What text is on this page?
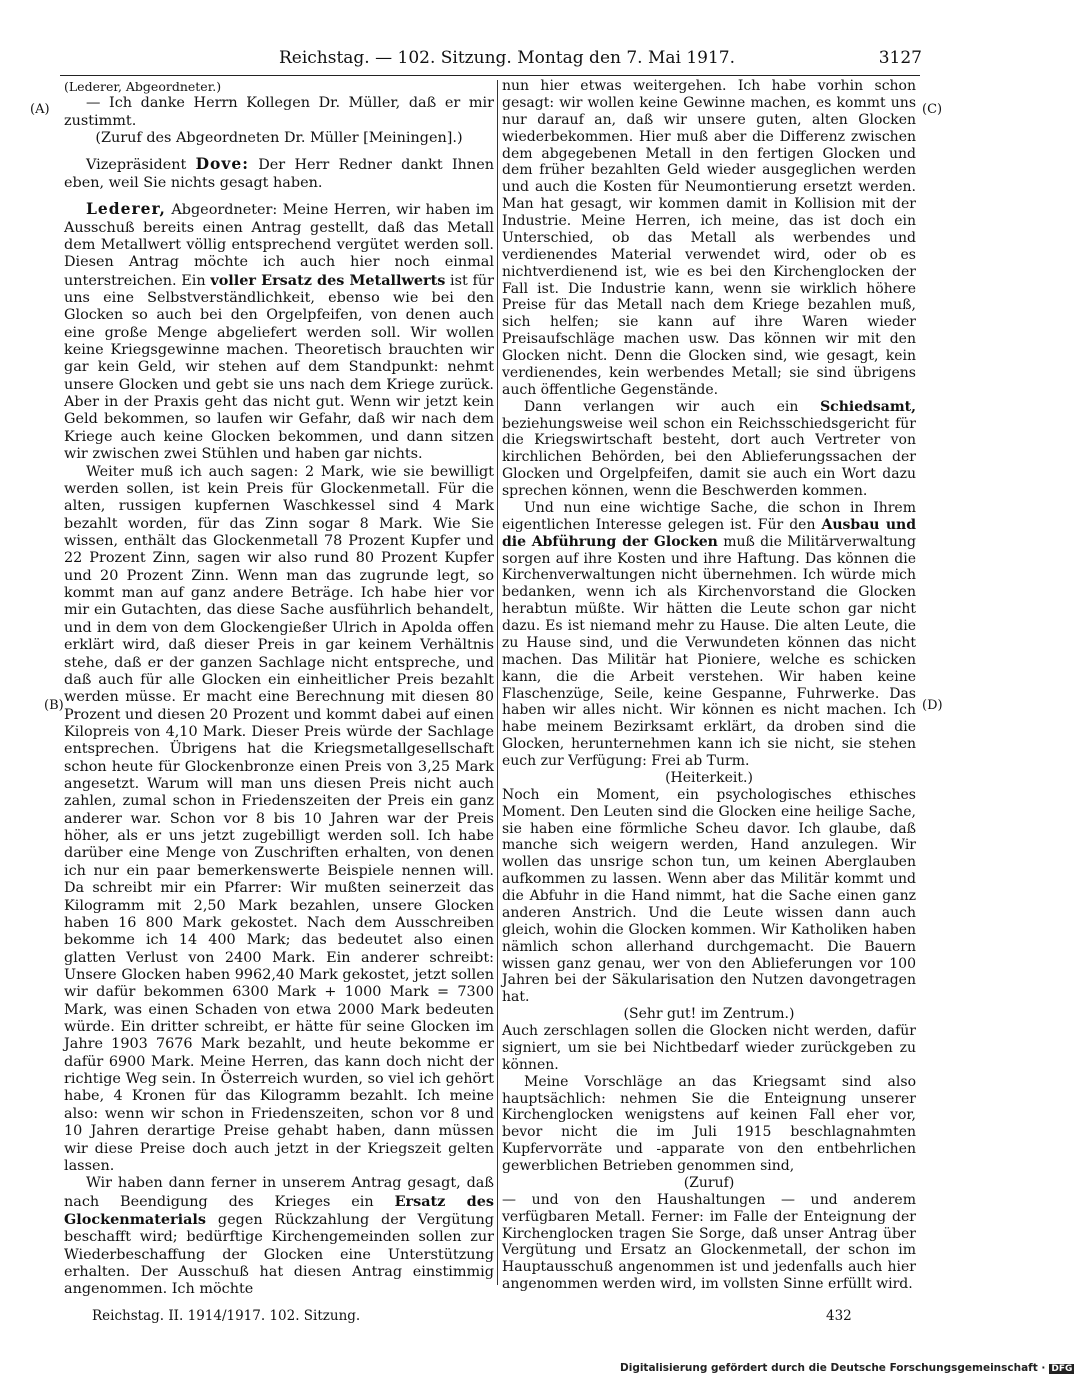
Reichstag. — 102. Sitzung. Montag den 7. Mai 1917.	3127
(A)
(B)
(C)
(D)

(Lederer, Abgeordneter.)

— Ich danke Herrn Kollegen Dr. Müller, daß er mir zustimmt.

(Zuruf des Abgeordneten Dr. Müller [Meiningen].)

Vizepräsident Dove: Der Herr Redner dankt Ihnen eben, weil Sie nichts gesagt haben.

Lederer, Abgeordneter: Meine Herren, wir haben im Ausschuß bereits einen Antrag gestellt, daß das Metall dem Metallwert völlig entsprechend vergütet werden soll. Diesen Antrag möchte ich auch hier noch einmal unterstreichen. Ein voller Ersatz des Metallwerts ist für uns eine Selbstverständlichkeit, ebenso wie bei den Glocken so auch bei den Orgelpfeifen, von denen auch eine große Menge abgeliefert werden soll. Wir wollen keine Kriegsgewinne machen. Theoretisch brauchten wir gar kein Geld, wir stehen auf dem Standpunkt: nehmt unsere Glocken und gebt sie uns nach dem Kriege zurück. Aber in der Praxis geht das nicht gut. Wenn wir jetzt kein Geld bekommen, so laufen wir Gefahr, daß wir nach dem Kriege auch keine Glocken bekommen, und dann sitzen wir zwischen zwei Stühlen und haben gar nichts.

Weiter muß ich auch sagen: 2 Mark, wie sie bewilligt werden sollen, ist kein Preis für Glockenmetall. Für die alten, russigen kupfernen Waschkessel sind 4 Mark bezahlt worden, für das Zinn sogar 8 Mark. Wie Sie wissen, enthält das Glockenmetall 78 Prozent Kupfer und 22 Prozent Zinn, sagen wir also rund 80 Prozent Kupfer und 20 Prozent Zinn. Wenn man das zugrunde legt, so kommt man auf ganz andere Beträge. Ich habe hier vor mir ein Gutachten, das diese Sache ausführlich behandelt, und in dem von dem Glockengießer Ulrich in Apolda offen erklärt wird, daß dieser Preis in gar keinem Verhältnis stehe, daß er der ganzen Sachlage nicht entspreche, und daß auch für alle Glocken ein einheitlicher Preis bezahlt werden müsse. Er macht eine Berechnung mit diesen 80 Prozent und diesen 20 Prozent und kommt dabei auf einen Kilopreis von 4,10 Mark. Dieser Preis würde der Sachlage entsprechen. Übrigens hat die Kriegsmetallgesellschaft schon heute für Glockenbronze einen Preis von 3,25 Mark angesetzt. Warum will man uns diesen Preis nicht auch zahlen, zumal schon in Friedenszeiten der Preis ein ganz anderer war. Schon vor 8 bis 10 Jahren war der Preis höher, als er uns jetzt zugebilligt werden soll. Ich habe darüber eine Menge von Zuschriften erhalten, von denen ich nur ein paar bemerkenswerte Beispiele nennen will. Da schreibt mir ein Pfarrer: Wir mußten seinerzeit das Kilogramm mit 2,50 Mark bezahlen, unsere Glocken haben 16 800 Mark gekostet. Nach dem Ausschreiben bekomme ich 14 400 Mark; das bedeutet also einen glatten Verlust von 2400 Mark. Ein anderer schreibt: Unsere Glocken haben 9962,40 Mark gekostet, jetzt sollen wir dafür bekommen 6300 Mark + 1000 Mark = 7300 Mark, was einen Schaden von etwa 2000 Mark bedeuten würde. Ein dritter schreibt, er hätte für seine Glocken im Jahre 1903 7676 Mark bezahlt, und heute bekomme er dafür 6900 Mark. Meine Herren, das kann doch nicht der richtige Weg sein. In Österreich wurden, so viel ich gehört habe, 4 Kronen für das Kilogramm bezahlt. Ich meine also: wenn wir schon in Friedenszeiten, schon vor 8 und 10 Jahren derartige Preise gehabt haben, dann müssen wir diese Preise doch auch jetzt in der Kriegszeit gelten lassen.

Wir haben dann ferner in unserem Antrag gesagt, daß nach Beendigung des Krieges ein Ersatz des Glockenmaterials gegen Rückzahlung der Vergütung beschafft wird; bedürftige Kirchengemeinden sollen zur Wiederbeschaffung der Glocken eine Unterstützung erhalten. Der Ausschuß hat diesen Antrag einstimmig angenommen. Ich möchte

nun hier etwas weitergehen. Ich habe vorhin schon gesagt: wir wollen keine Gewinne machen, es kommt uns nur darauf an, daß wir unsere guten, alten Glocken wiederbekommen. Hier muß aber die Differenz zwischen dem abgegebenen Metall in den fertigen Glocken und dem früher bezahlten Geld wieder ausgeglichen werden und auch die Kosten für Neumontierung ersetzt werden. Man hat gesagt, wir kommen damit in Kollision mit der Industrie. Meine Herren, ich meine, das ist doch ein Unterschied, ob das Metall als werbendes und verdienendes Material verwendet wird, oder ob es nichtverdienend ist, wie es bei den Kirchenglocken der Fall ist. Die Industrie kann, wenn sie wirklich höhere Preise für das Metall nach dem Kriege bezahlen muß, sich helfen; sie kann auf ihre Waren wieder Preisaufschläge machen usw. Das können wir mit den Glocken nicht. Denn die Glocken sind, wie gesagt, kein verdienendes, kein werbendes Metall; sie sind übrigens auch öffentliche Gegenstände.

Dann verlangen wir auch ein Schiedsamt, beziehungsweise weil schon ein Reichsschiedsgericht für die Kriegswirtschaft besteht, dort auch Vertreter von kirchlichen Behörden, bei den Ablieferungssachen der Glocken und Orgelpfeifen, damit sie auch ein Wort dazu sprechen können, wenn die Beschwerden kommen.

Und nun eine wichtige Sache, die schon in Ihrem eigentlichen Interesse gelegen ist. Für den Ausbau und die Abführung der Glocken muß die Militärverwaltung sorgen auf ihre Kosten und ihre Haftung. Das können die Kirchenverwaltungen nicht übernehmen. Ich würde mich bedanken, wenn ich als Kirchenvorstand die Glocken herabtun müßte. Wir hätten die Leute schon gar nicht dazu. Es ist niemand mehr zu Hause. Die alten Leute, die zu Hause sind, und die Verwundeten können das nicht machen. Das Militär hat Pioniere, welche es schicken kann, die die Arbeit verstehen. Wir haben keine Flaschenzüge, Seile, keine Gespanne, Fuhrwerke. Das haben wir alles nicht. Wir können es nicht machen. Ich habe meinem Bezirksamt erklärt, da droben sind die Glocken, herunternehmen kann ich sie nicht, sie stehen euch zur Verfügung: Frei ab Turm.

(Heiterkeit.)

Noch ein Moment, ein psychologisches ethisches Moment. Den Leuten sind die Glocken eine heilige Sache, sie haben eine förmliche Scheu davor. Ich glaube, daß manche sich weigern werden, Hand anzulegen. Wir wollen das unsrige schon tun, um keinen Aberglauben aufkommen zu lassen. Wenn aber das Militär kommt und die Abfuhr in die Hand nimmt, hat die Sache einen ganz anderen Anstrich. Und die Leute wissen dann auch gleich, wohin die Glocken kommen. Wir Katholiken haben nämlich schon allerhand durchgemacht. Die Bauern wissen ganz genau, wer von den Ablieferungen vor 100 Jahren bei der Säkularisation den Nutzen davongetragen hat.

(Sehr gut! im Zentrum.)

Auch zerschlagen sollen die Glocken nicht werden, dafür signiert, um sie bei Nichtbedarf wieder zurückgeben zu können.

Meine Vorschläge an das Kriegsamt sind also hauptsächlich: nehmen Sie die Enteignung unserer Kirchenglocken wenigstens auf keinen Fall eher vor, bevor nicht die im Juli 1915 beschlagnahmten Kupfervorräte und -apparate von den entbehrlichen gewerblichen Betrieben genommen sind,

(Zuruf)

— und von den Haushaltungen — und anderem verfügbaren Metall. Ferner: im Falle der Enteignung der Kirchenglocken tragen Sie Sorge, daß unser Antrag über Vergütung und Ersatz an Glockenmetall, der schon im Hauptausschuß angenommen ist und jedenfalls auch hier angenommen werden wird, im vollsten Sinne erfüllt wird.

Reichstag. II. 1914/1917. 102. Sitzung.	432
Digitalisierung gefördert durch die Deutsche Forschungsgemeinschaft · DFG
